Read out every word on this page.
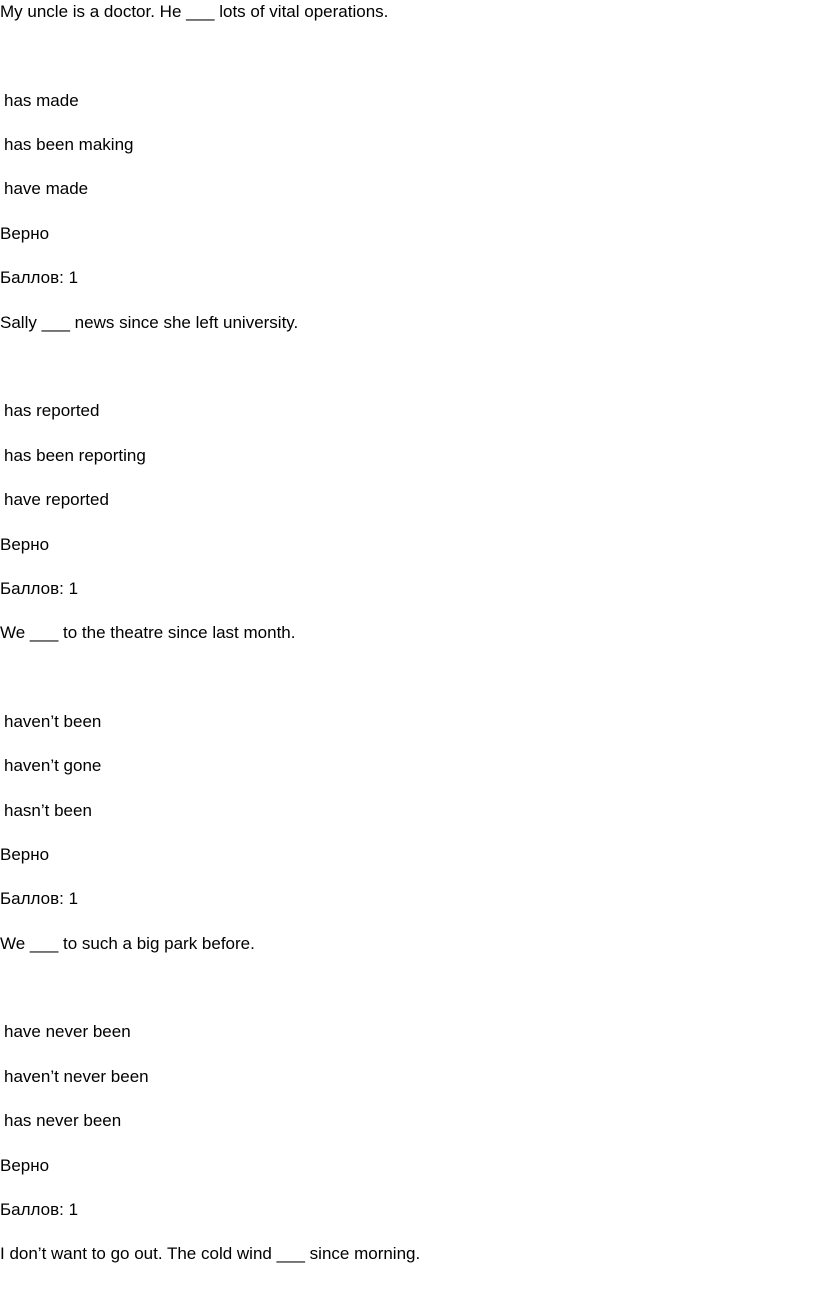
My uncle is a doctor. He ___ lots of vital operations.
has made
has been making
have made
Верно
Баллов: 1
Sally ___ news since she left university.
has reported
has been reporting
have reported
Верно
Баллов: 1
We ___ to the theatre since last month.
haven’t been
haven’t gone
hasn’t been
Верно
Баллов: 1
We ___ to such a big park before.
have never been
haven’t never been
has never been
Верно
Баллов: 1
I don’t want to go out. The cold wind ___ since morning.
